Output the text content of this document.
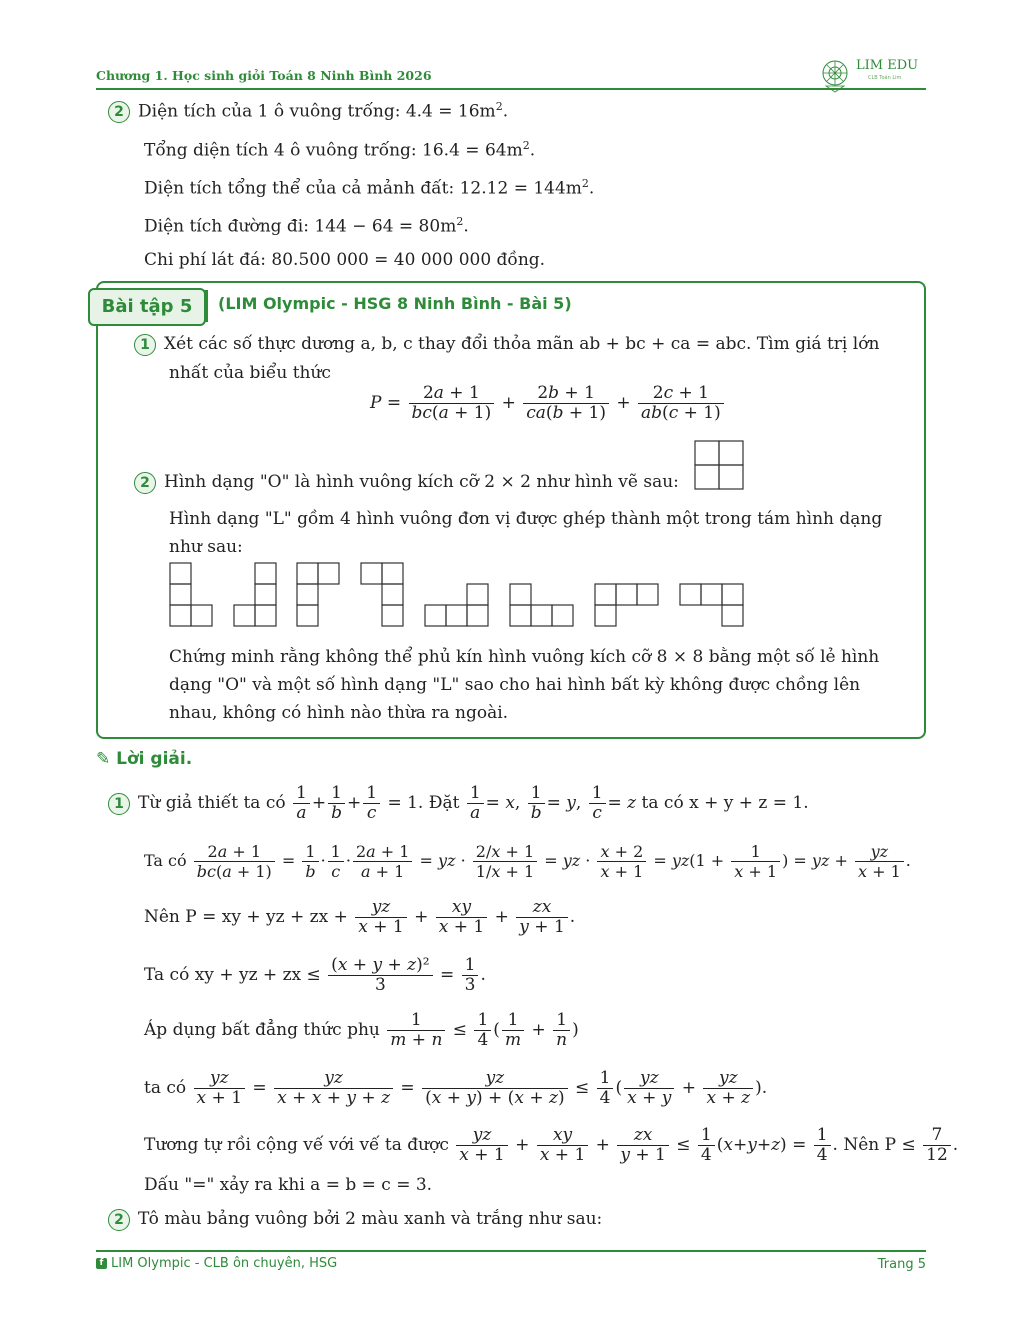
Chương 1. Học sinh giỏi Toán 8 Ninh Bình 2026
LIM EDU
CLB Toán Lim
2 Diện tích của 1 ô vuông trống: $4.4 = 16m^2$.
Tổng diện tích 4 ô vuông trống: $16.4 = 64m^2$.
Diện tích tổng thể của cả mảnh đất: $12.12 = 144m^2$.
Diện tích đường đi: $144 - 64 = 80m^2$.
Chi phí lát đá: 80.500 000 = 40 000 000 đồng.
Bài tập 5	(LIM Olympic - HSG 8 Ninh Bình - Bài 5)
1 Xét các số thực dương a, b, c thay đổi thỏa mãn ab + bc + ca = abc. Tìm giá trị lớn
nhất của biểu thức
$P = \frac{2a + 1}{bc(a + 1)} + \frac{2b + 1}{ca(b + 1)} + \frac{2c + 1}{ab(c + 1)}$
2 Hình dạng "O" là hình vuông kích cỡ 2 × 2 như hình vẽ sau:
Hình dạng "L" gồm 4 hình vuông đơn vị được ghép thành một trong tám hình dạng
như sau:
Chứng minh rằng không thể phủ kín hình vuông kích cỡ 8 × 8 bằng một số lẻ hình
dạng "O" và một số hình dạng "L" sao cho hai hình bất kỳ không được chồng lên
nhau, không có hình nào thừa ra ngoài.
✎ Lời giải.
1 Từ giả thiết ta có $\frac{1}{a} + \frac{1}{b} + \frac{1}{c} = 1$. Đặt $\frac{1}{a} = x$, $\frac{1}{b} = y$, $\frac{1}{c} = z$ ta có x + y + z = 1.
Ta có $\frac{2a + 1}{bc(a + 1)} = \frac{1}{b} \cdot \frac{1}{c} \cdot \frac{2a + 1}{a + 1}$ = yz · $\frac{2/x + 1}{1/x + 1}$ = yz · $\frac{x + 2}{x + 1} = yz(1 + \frac{1}{x + 1}$ ) = yz + $\frac{yz}{x + 1}$ .
Nên P = xy + yz + zx + $\frac{yz}{x + 1} + \frac{xy}{x + 1} + \frac{zx}{y + 1}$ .
Ta có xy + yz + zx ≤ $\frac{\text{(x + y + z)²}}{3} = \frac{1}{3}$ .
Áp dụng bất đẳng thức phụ $\frac{1}{m + n} \le \frac{1}{4}$ ( $\frac{1}{m} + \frac{1}{n}$ )
ta có $\frac{yz}{x + 1} = \frac{yz}{x + x + y + z} = \frac{yz}{(x + y) + (x + z)} \le \frac{1}{4}$ ( $\frac{yz}{x + y} + \frac{yz}{x + z}$ ).
Tương tự rồi cộng vế với vế ta được $\frac{yz}{x + 1} + \frac{xy}{x + 1} + \frac{zx}{y + 1} \le \frac{1}{4} (x+y+z) = \frac{1}{4}$ . Nên $P \le \frac{7}{12}$ .
Dấu "=" xảy ra khi a = b = c = 3.
2 Tô màu bảng vuông bởi 2 màu xanh và trắng như sau:
f LIM Olympic - CLB ôn chuyên, HSG	Trang 5
